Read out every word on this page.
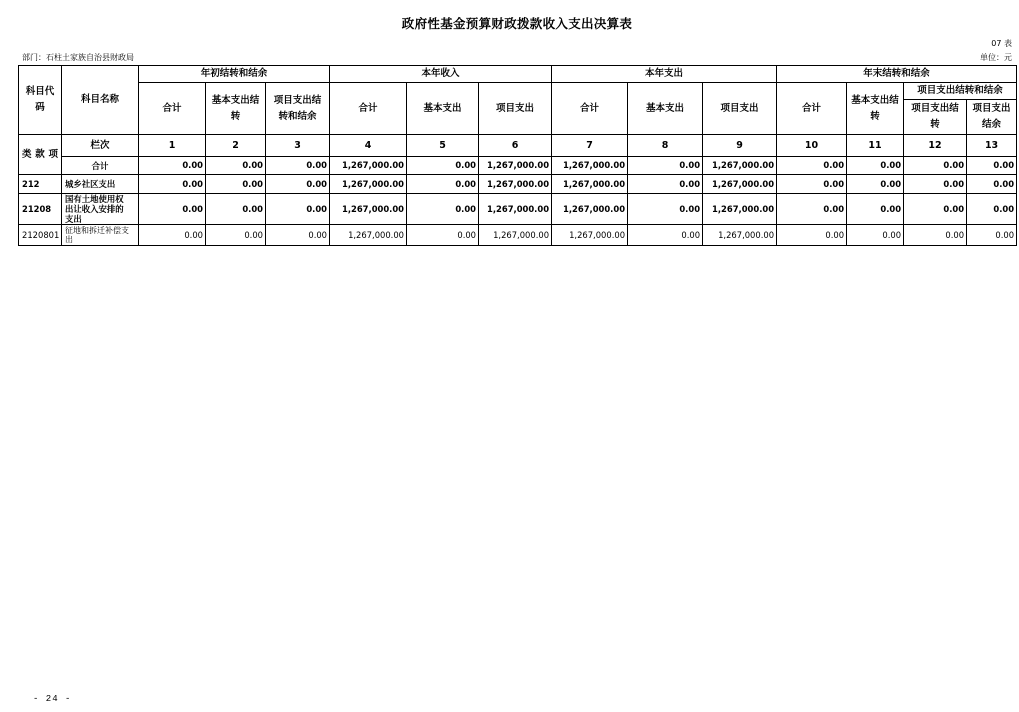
政府性基金预算财政拨款收入支出决算表
07 表
部门：石柱土家族自治县财政局	单位：元
科目代码	科目名称	年初结转和结余			本年收入			本年支出			年末结转和结余			
		合计	基本支出结转	项目支出结转和结余	合计	基本支出	项目支出	合计	基本支出	项目支出	合计	基本支出结转	项目支出结转和结余	
													项目支出结转	项目支出结余

类 款 项	栏次	1	2	3	4	5	6	7	8	9	10	11	12	13
	合计	0.00	0.00	0.00	1,267,000.00	0.00	1,267,000.00	1,267,000.00	0.00	1,267,000.00	0.00	0.00	0.00	0.00
212	城乡社区支出	0.00	0.00	0.00	1,267,000.00	0.00	1,267,000.00	1,267,000.00	0.00	1,267,000.00	0.00	0.00	0.00	0.00
21208	国有土地使用权出让收入安排的支出	0.00	0.00	0.00	1,267,000.00	0.00	1,267,000.00	1,267,000.00	0.00	1,267,000.00	0.00	0.00	0.00	0.00
2120801	征地和拆迁补偿支出	0.00	0.00	0.00	1,267,000.00	0.00	1,267,000.00	1,267,000.00	0.00	1,267,000.00	0.00	0.00	0.00	0.00
- 24 -
